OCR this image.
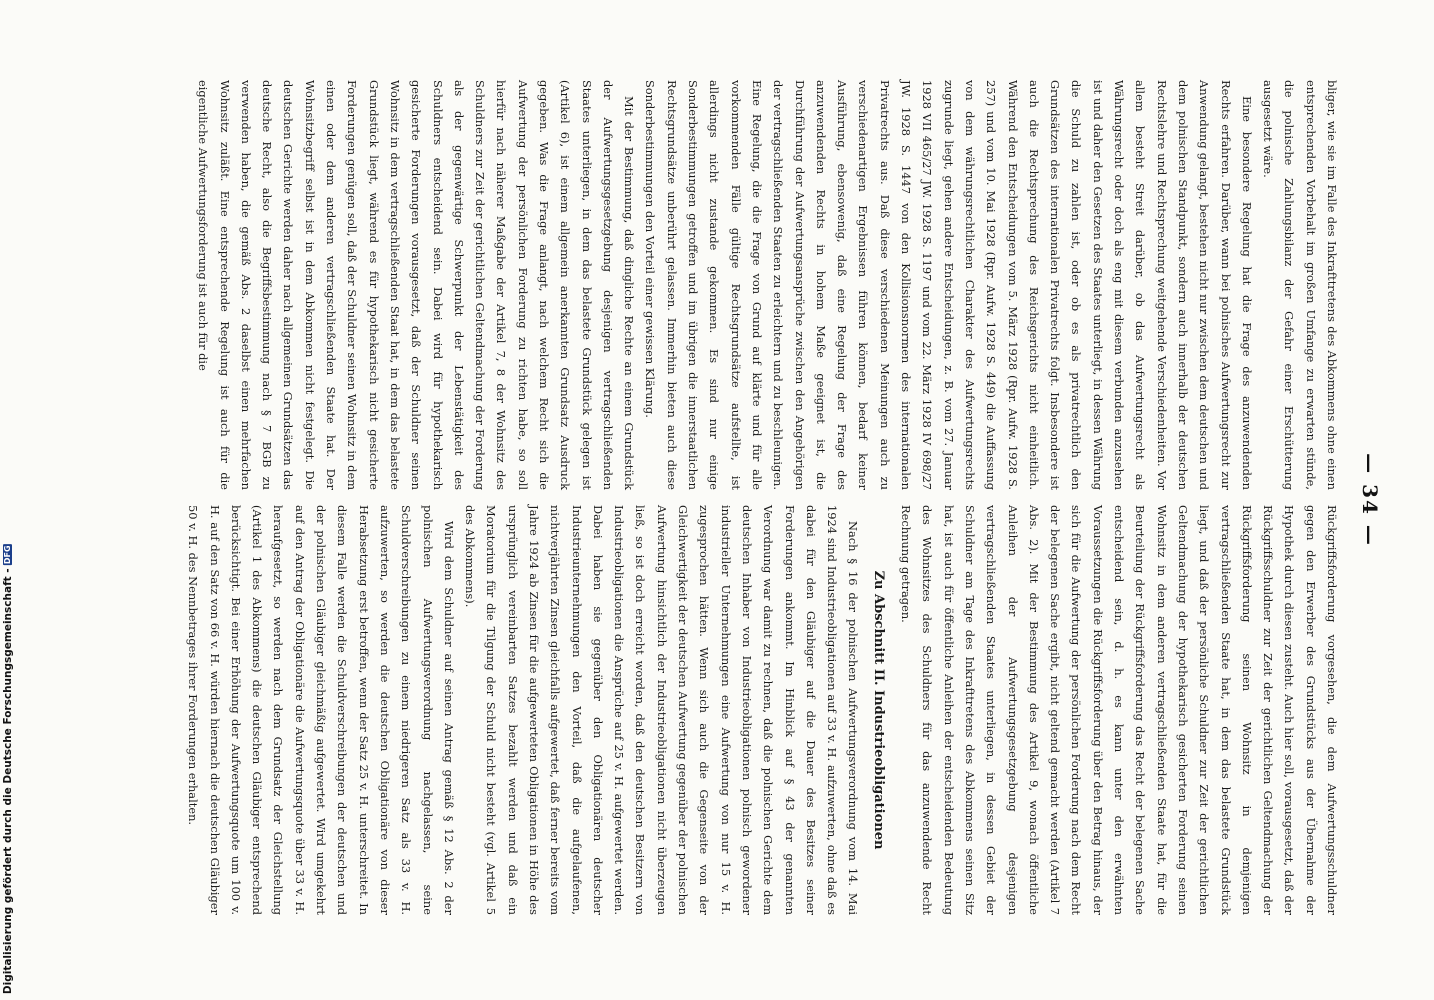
— 34 —

bliger, wie sie im Falle des Inkrafttretens des Abkommens ohne einen entsprechenden Vorbehalt im großen Umfange zu erwarten stünde, die polnische Zahlungsbilanz der Gefahr einer Erschütterung ausgesetzt wäre.

Eine besondere Regelung hat die Frage des anzuwendenden Rechts erfahren. Darüber, wann bei polnisches Aufwertungsrecht zur Anwendung gelangt, bestehen nicht nur zwischen dem deutschen und dem polnischen Standpunkt, sondern auch innerhalb der deutschen Rechtslehre und Rechtsprechung weitgehende Verschiedenheiten. Vor allem besteht Streit darüber, ob das Aufwertungsrecht als Währungsrecht oder doch als eng mit diesem verbunden anzusehen ist und daher den Gesetzen des Staates unterliegt, in dessen Währung die Schuld zu zahlen ist, oder ob es als privatrechtlich den Grundsätzen des internationalen Privatrechts folgt. Insbesondere ist auch die Rechtsprechung des Reichsgerichts nicht einheitlich. Während den Entscheidungen vom 5. März 1928 (Rpr. Aufw. 1928 S. 257) und vom 10. Mai 1928 (Rpr. Aufw. 1928 S. 449) die Auffassung von dem währungsrechtlichen Charakter des Aufwertungsrechts zugrunde liegt, gehen andere Entscheidungen, z. B. vom 27. Januar 1928 VII 465/27 JW. 1928 S. 1197 und vom 22. März 1928 IV 698/27 JW. 1928 S. 1447 von den Kollisionsnormen des internationalen Privatrechts aus. Daß diese verschiedenen Meinungen auch zu verschiedenartigen Ergebnissen führen können, bedarf keiner Ausführung, ebensowenig, daß eine Regelung der Frage des anzuwendenden Rechts in hohem Maße geeignet ist, die Durchführung der Aufwertungsansprüche zwischen den Angehörigen der vertragschließenden Staaten zu erleichtern und zu beschleunigen. Eine Regelung, die die Frage von Grund auf klärte und für alle vorkommenden Fälle gültige Rechtsgrundsätze aufstellte, ist allerdings nicht zustande gekommen. Es sind nur einige Sonderbestimmungen getroffen und im übrigen die innerstaatlichen Rechtsgrundsätze unberührt gelassen. Immerhin bieten auch diese Sonderbestimmungen den Vorteil einer gewissen Klärung.

Mit der Bestimmung, daß dingliche Rechte an einem Grundstück der Aufwertungsgesetzgebung desjenigen vertragschließenden Staates unterliegen, in dem das belastete Grundstück gelegen ist (Artikel 6), ist einem allgemein anerkannten Grundsatz Ausdruck gegeben. Was die Frage anlangt, nach welchem Recht sich die Aufwertung der persönlichen Forderung zu richten habe, so soll hierfür nach näherer Maßgabe der Artikel 7, 8 der Wohnsitz des Schuldners zur Zeit der gerichtlichen Geltendmachung der Forderung als der gegenwärtige Schwerpunkt der Lebenstätigkeit des Schuldners entscheidend sein. Dabei wird für hypothekarisch gesicherte Forderungen vorausgesetzt, daß der Schuldner seinen Wohnsitz in dem vertragschließenden Staat hat, in dem das belastete Grundstück liegt, während es für hypothekarisch nicht gesicherte Forderungen genügen soll, daß der Schuldner seinen Wohnsitz in dem einen oder dem anderen vertragschließenden Staate hat. Der Wohnsitzbegriff selbst ist in dem Abkommen nicht festgelegt. Die deutschen Gerichte werden daher nach allgemeinen Grundsätzen das deutsche Recht, also die Begriffsbestimmung nach § 7 BGB zu verwenden haben, die gemäß Abs. 2 daselbst einen mehrfachen Wohnsitz zuläßt. Eine entsprechende Regelung ist auch für die eigentliche Aufwertungsforderung ist auch für die

Rückgriffsforderung vorgesehen, die dem Aufwertungsschuldner gegen den Erwerber des Grundstücks aus der Übernahme der Hypothek durch diesen zusteht. Auch hier soll, vorausgesetzt, daß der Rückgriffsschuldner zur Zeit der gerichtlichen Geltendmachung der Rückgriffsforderung seinen Wohnsitz in demjenigen vertragschließenden Staate hat, in dem das belastete Grundstück liegt, und daß der persönliche Schuldner zur Zeit der gerichtlichen Geltendmachung der hypothekarisch gesicherten Forderung seinen Wohnsitz in dem anderen vertragschließenden Staate hat, für die Beurteilung der Rückgriffsforderung das Recht der belegenen Sache entscheidend sein, d. h. es kann unter den erwähnten Voraussetzungen die Rückgriffsforderung über den Betrag hinaus, der sich für die Aufwertung der persönlichen Forderung nach dem Recht der belegenen Sache ergibt, nicht geltend gemacht werden (Artikel 7 Abs. 2). Mit der Bestimmung des Artikel 9, wonach öffentliche Anleihen der Aufwertungsgesetzgebung desjenigen vertragschließenden Staates unterliegen, in dessen Gebiet der Schuldner am Tage des Inkrafttretens des Abkommens seinen Sitz hat, ist auch für öffentliche Anleihen der entscheidenden Bedeutung des Wohnsitzes des Schuldners für das anzuwendende Recht Rechnung getragen.

Zu Abschnitt II. Industrieobligationen

Nach § 16 der polnischen Aufwertungsverordnung vom 14. Mai 1924 sind Industrieobligationen auf 33 v. H. aufzuwerten, ohne daß es dabei für den Gläubiger auf die Dauer des Besitzes seiner Forderungen ankommt. Im Hinblick auf § 43 der genannten Verordnung war damit zu rechnen, daß die polnischen Gerichte dem deutschen Inhaber von Industrieobligationen polnisch gewordener industrieller Unternehmungen eine Aufwertung von nur 15 v. H. zugesprochen hätten. Wenn sich auch die Gegenseite von der Gleichwertigkeit der deutschen Aufwertung gegenüber der polnischen Aufwertung hinsichtlich der Industrieobligationen nicht überzeugen ließ, so ist doch erreicht worden, daß den deutschen Besitzern von Industrieobligationen die Ansprüche auf 25 v. H. aufgewertet werden. Dabei haben sie gegenüber den Obligationären deutscher Industrieunternehmungen den Vorteil, daß die aufgelaufenen, nichtverjährten Zinsen gleichfalls aufgewertet, daß ferner bereits vom Jahre 1924 ab Zinsen für die aufgewerteten Obligationen in Höhe des ursprünglich vereinbarten Satzes bezahlt werden und daß ein Moratorium für die Tilgung der Schuld nicht besteht (vgl. Artikel 5 des Abkommens).

Wird dem Schuldner auf seinen Antrag gemäß § 12 Abs. 2 der polnischen Aufwertungsverordnung nachgelassen, seine Schuldverschreibungen zu einem niedrigeren Satz als 33 v. H. aufzuwerten, so werden die deutschen Obligationäre von dieser Herabsetzung erst betroffen, wenn der Satz 25 v. H. unterschreitet. In diesem Falle werden die Schuldverschreibungen der deutschen und der polnischen Gläubiger gleichmäßig aufgewertet. Wird umgekehrt auf den Antrag der Obligationäre die Aufwertungsquote über 33 v. H. heraufgesetzt, so werden nach dem Grundsatz der Gleichstellung (Artikel 1 des Abkommens) die deutschen Gläubiger entsprechend berücksichtigt. Bei einer Erhöhung der Aufwertungsquote um 100 v. H. auf den Satz von 66 v. H. würden hiernach die deutschen Gläubiger 50 v. H. des Nennbetrages ihrer Forderungen erhalten.

Digitalisierung gefördert durch die Deutsche Forschungsgemeinschaft - DFG
